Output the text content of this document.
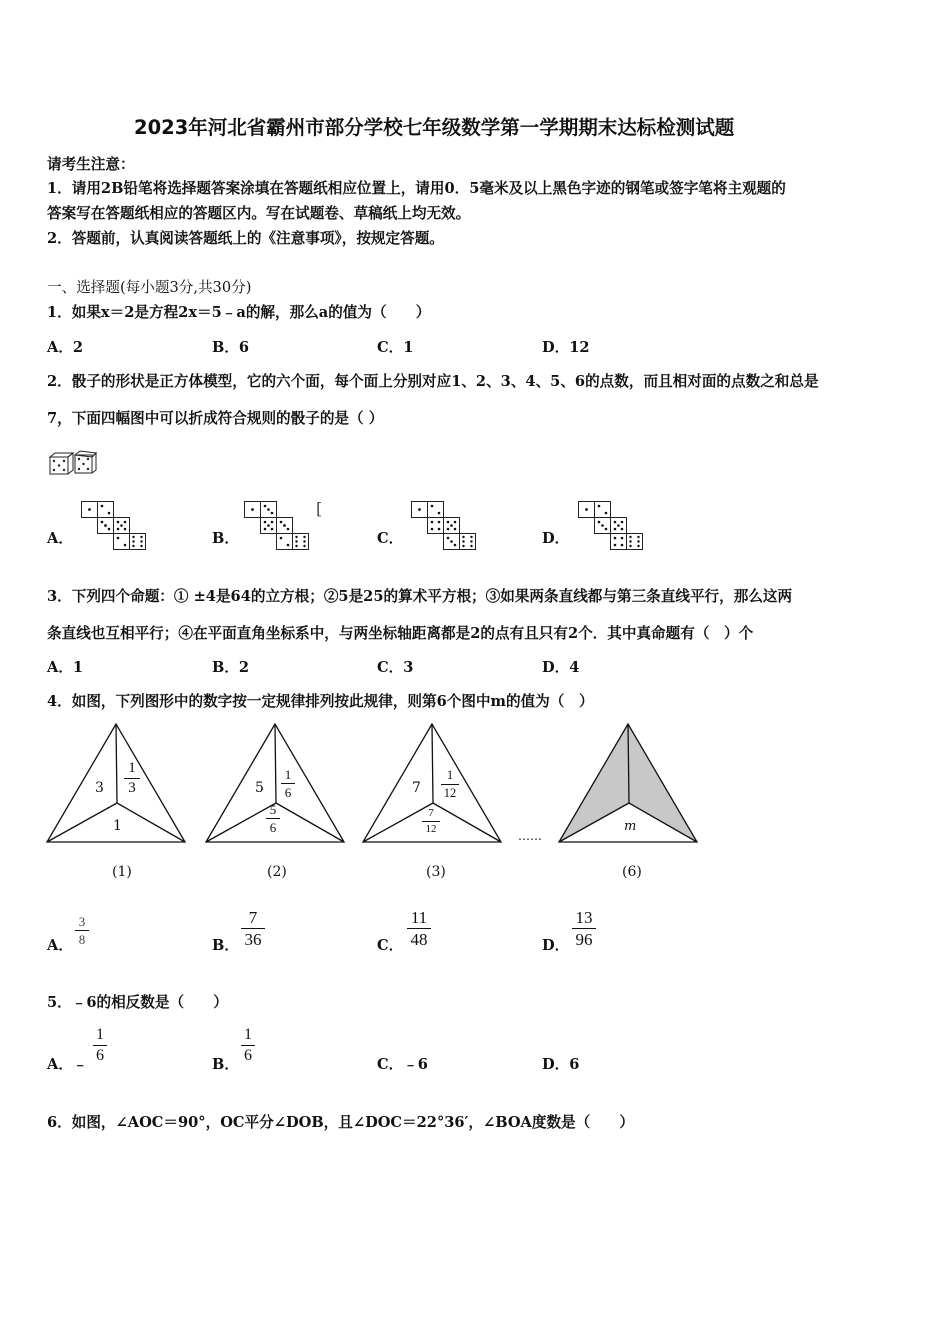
2023年河北省霸州市部分学校七年级数学第一学期期末达标检测试题
请考生注意：
1．请用2B铅笔将选择题答案涂填在答题纸相应位置上，请用0．5毫米及以上黑色字迹的钢笔或签字笔将主观题的
答案写在答题纸相应的答题区内。写在试题卷、草稿纸上均无效。
2．答题前，认真阅读答题纸上的《注意事项》，按规定答题。
一、选择题(每小题3分,共30分)
1．如果x＝2是方程2x＝5﹣a的解，那么a的值为（　　）
A．2	B．6	C．1	D．12
2．骰子的形状是正方体模型，它的六个面，每个面上分别对应1、2、3、4、5、6的点数，而且相对面的点数之和总是
7，下面四幅图中可以折成符合规则的骰子的是（ ）
A．	B．	C．	D．
[
3．下列四个命题：① ±4是64的立方根；②5是25的算术平方根；③如果两条直线都与第三条直线平行，那么这两
条直线也互相平行；④在平面直角坐标系中，与两坐标轴距离都是2的点有且只有2个．其中真命题有（　）个
A．1	B．2	C．3	D．4
4．如图，下列图形中的数字按一定规律排列按此规律，则第6个图中m的值为（　）
3
1
3
1
5
1
6
5
6
7
1
12
7
12	m
……
(1)	(2)	(3)	(6)
A．
3
8	B．
7
36	C．
11
48	D．
13
96
5．﹣6的相反数是（　　）
A．﹣
1
6
B．
1
6
C．﹣6	D．6
6．如图，∠AOC＝90°，OC平分∠DOB，且∠DOC＝22°36′，∠BOA度数是（　　）
